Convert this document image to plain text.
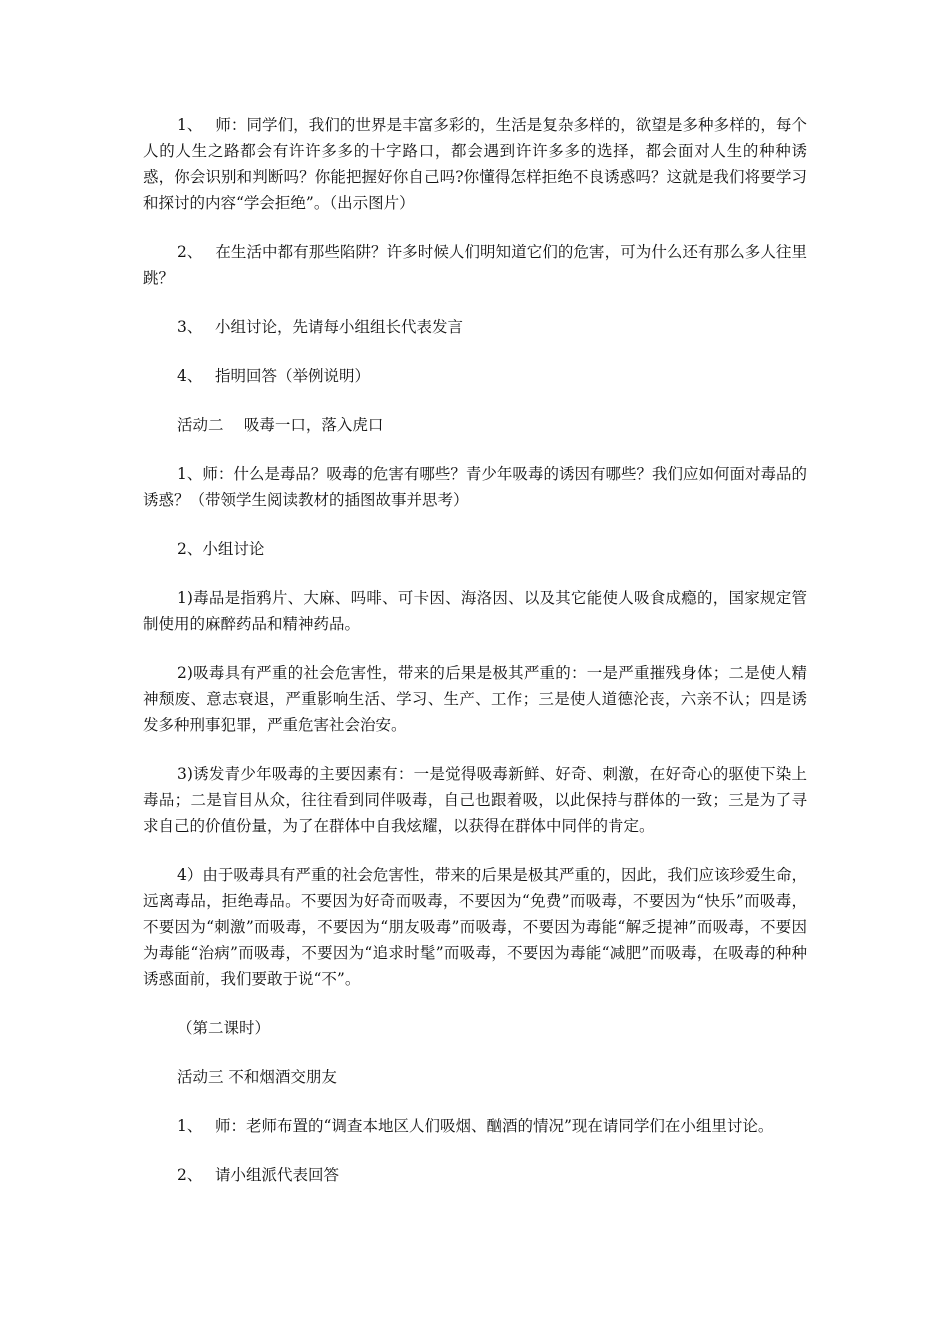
1、　 师：同学们，我们的世界是丰富多彩的，生活是复杂多样的，欲望是多种多样的，每个人的人生之路都会有许许多多的十字路口，都会遇到许许多多的选择，都会面对人生的种种诱惑，你会识别和判断吗？你能把握好你自己吗?你懂得怎样拒绝不良诱惑吗？这就是我们将要学习和探讨的内容“学会拒绝”。（出示图片）

2、　 在生活中都有那些陷阱？许多时候人们明知道它们的危害，可为什么还有那么多人往里跳？

3、　 小组讨论，先请每小组组长代表发言

4、　 指明回答（举例说明）

活动二　 吸毒一口，落入虎口

1、师：什么是毒品？吸毒的危害有哪些？青少年吸毒的诱因有哪些？我们应如何面对毒品的诱惑？（带领学生阅读教材的插图故事并思考）

2、小组讨论

1)毒品是指鸦片、大麻、吗啡、可卡因、海洛因、以及其它能使人吸食成瘾的，国家规定管制使用的麻醉药品和精神药品。

2)吸毒具有严重的社会危害性，带来的后果是极其严重的：一是严重摧残身体；二是使人精神颓废、意志衰退，严重影响生活、学习、生产、工作；三是使人道德沦丧，六亲不认；四是诱发多种刑事犯罪，严重危害社会治安。

3)诱发青少年吸毒的主要因素有：一是觉得吸毒新鲜、好奇、刺激，在好奇心的驱使下染上毒品；二是盲目从众，往往看到同伴吸毒，自己也跟着吸，以此保持与群体的一致；三是为了寻求自己的价值份量，为了在群体中自我炫耀，以获得在群体中同伴的肯定。

4）由于吸毒具有严重的社会危害性，带来的后果是极其严重的，因此，我们应该珍爱生命，远离毒品，拒绝毒品。不要因为好奇而吸毒，不要因为“免费”而吸毒，不要因为“快乐”而吸毒，不要因为“刺激”而吸毒，不要因为“朋友吸毒”而吸毒，不要因为毒能“解乏提神”而吸毒，不要因为毒能“治病”而吸毒，不要因为“追求时髦”而吸毒，不要因为毒能“减肥”而吸毒，在吸毒的种种诱惑面前，我们要敢于说“不”。

（第二课时）

活动三 不和烟酒交朋友

1、　 师：老师布置的“调查本地区人们吸烟、酗酒的情况”现在请同学们在小组里讨论。

2、　 请小组派代表回答
